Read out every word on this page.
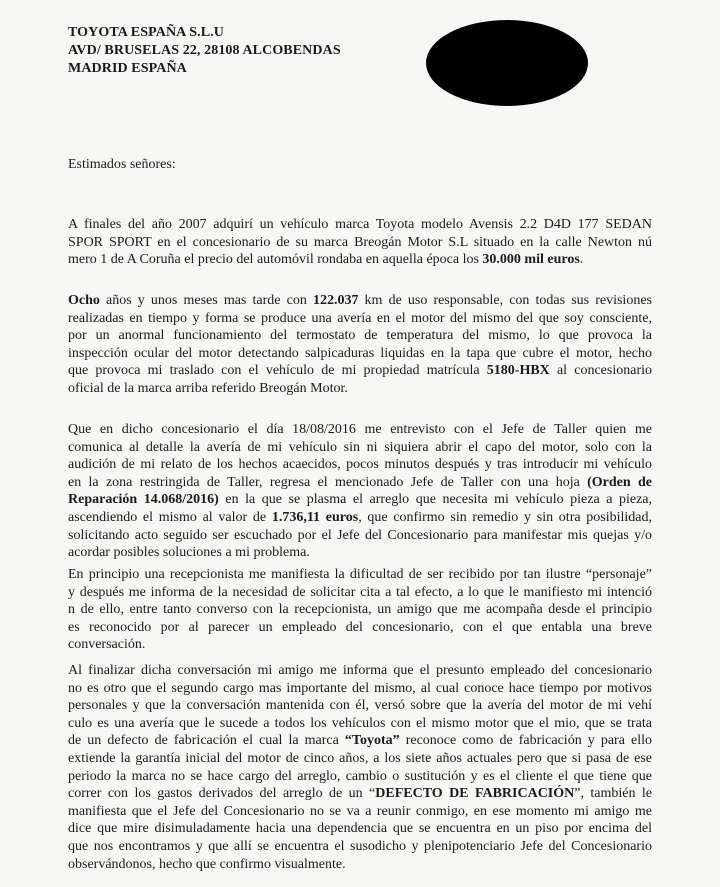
TOYOTA ESPAÑA S.L.U
AVD/ BRUSELAS 22, 28108 ALCOBENDAS
MADRID ESPAÑA
Estimados señores:
A finales del año 2007 adquirí un vehículo marca Toyota modelo Avensis 2.2 D4D 177 SEDAN
SPOR SPORT en el concesionario de su marca Breogán Motor S.L situado en la calle Newton nú
mero 1 de A Coruña el precio del automóvil rondaba en aquella época los 30.000 mil euros.
Ocho años y unos meses mas tarde con 122.037 km de uso responsable, con todas sus revisiones
realizadas en tiempo y forma se produce una avería en el motor del mismo del que soy consciente,
por un anormal funcionamiento del termostato de temperatura del mismo, lo que provoca la
inspección ocular del motor detectando salpicaduras liquidas en la tapa que cubre el motor, hecho
que provoca mi traslado con el vehículo de mi propiedad matrícula 5180-HBX al concesionario
oficial de la marca arriba referido Breogán Motor.
Que en dicho concesionario el día 18/08/2016 me entrevisto con el Jefe de Taller quien me
comunica al detalle la avería de mi vehículo sin ni siquiera abrir el capo del motor, solo con la
audición de mi relato de los hechos acaecidos, pocos minutos después y tras introducir mi vehículo
en la zona restringida de Taller, regresa el mencionado Jefe de Taller con una hoja (Orden de
Reparación 14.068/2016) en la que se plasma el arreglo que necesita mi vehículo pieza a pieza,
ascendiendo el mismo al valor de 1.736,11 euros, que confirmo sin remedio y sin otra posibilidad,
solicitando acto seguido ser escuchado por el Jefe del Concesionario para manifestar mis quejas y/o
acordar posibles soluciones a mi problema.
En principio una recepcionista me manifiesta la dificultad de ser recibido por tan ilustre “personaje”
y después me informa de la necesidad de solicitar cita a tal efecto, a lo que le manifiesto mi intenció
n de ello, entre tanto converso con la recepcionista, un amigo que me acompaña desde el principio
es reconocido por al parecer un empleado del concesionario, con el que entabla una breve
conversación.
Al finalizar dicha conversación mi amigo me informa que el presunto empleado del concesionario
no es otro que el segundo cargo mas importante del mismo, al cual conoce hace tiempo por motivos
personales y que la conversación mantenida con él, versó sobre que la avería del motor de mi vehí
culo es una avería que le sucede a todos los vehículos con el mismo motor que el mio, que se trata
de un defecto de fabricación el cual la marca “Toyota” reconoce como de fabricación y para ello
extiende la garantía inicial del motor de cinco años, a los siete años actuales pero que si pasa de ese
periodo la marca no se hace cargo del arreglo, cambio o sustitución y es el cliente el que tiene que
correr con los gastos derivados del arreglo de un “DEFECTO DE FABRICACIÓN”, también le
manifiesta que el Jefe del Concesionario no se va a reunir conmigo, en ese momento mi amigo me
dice que mire disimuladamente hacia una dependencia que se encuentra en un piso por encima del
que nos encontramos y que allí se encuentra el susodicho y plenipotenciario Jefe del Concesionario
observándonos, hecho que confirmo visualmente.
